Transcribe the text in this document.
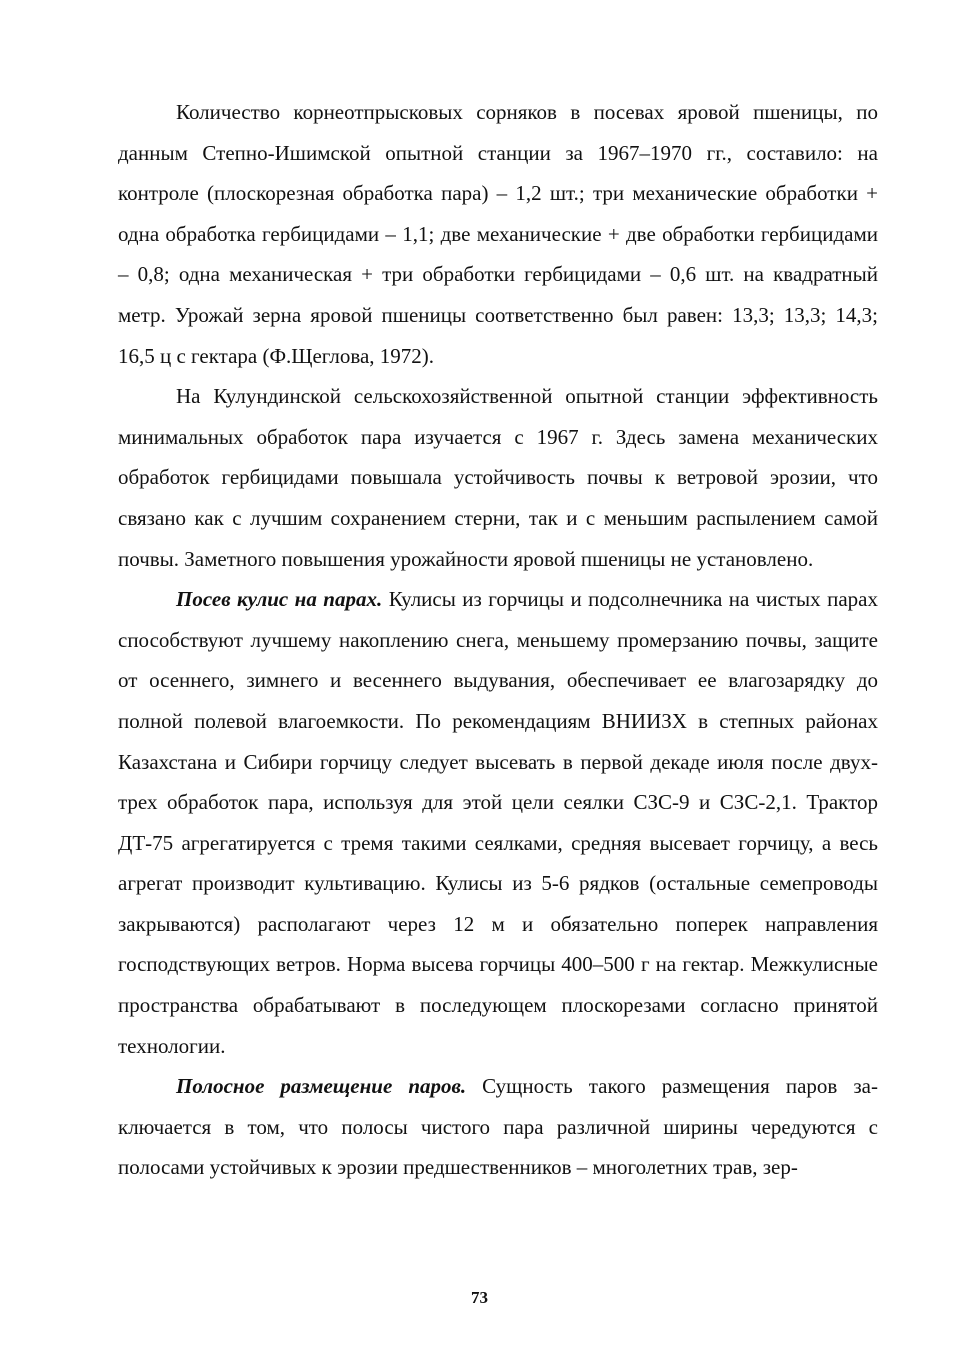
Количество корнеотпрысковых сорняков в посевах яровой пшеницы, по данным Степно-Ишимской опытной станции за 1967–1970 гг., составило: на контроле (плоскорезная обработка пара) – 1,2 шт.; три механические обработки + одна обработка гербицидами – 1,1; две механические + две обработки гербицидами – 0,8; одна механическая + три обработки гербицидами – 0,6 шт. на квадратный метр. Урожай зерна яровой пшеницы соответственно был равен: 13,3; 13,3; 14,3; 16,5 ц с гектара (Ф.Щеглова, 1972).

На Кулундинской сельскохозяйственной опытной станции эффективность минимальных обработок пара изучается с 1967 г. Здесь замена механических обработок гербицидами повышала устойчивость почвы к ветровой эрозии, что связано как с лучшим сохранением стерни, так и с меньшим распылением самой почвы. Заметного повышения урожайности яровой пшеницы не установлено.

Посев кулис на парах. Кулисы из горчицы и подсолнечника на чистых парах способствуют лучшему накоплению снега, меньшему промерзанию почвы, защите от осеннего, зимнего и весеннего выдувания, обеспечивает ее влагозарядку до полной полевой влагоемкости. По рекомендациям ВНИИЗХ в степных районах Казахстана и Сибири горчицу следует высевать в первой декаде июля после двух-трех обработок пара, используя для этой цели сеялки СЗС-9 и СЗС-2,1. Трактор ДТ-75 агрегатируется с тремя такими сеялками, средняя высевает горчицу, а весь агрегат производит культивацию. Кулисы из 5-6 рядков (остальные семепроводы закрываются) располагают через 12 м и обязательно поперек направления господствующих ветров. Норма высева горчицы 400–500 г на гектар. Межкулисные пространства обрабатывают в последующем плоскорезами согласно принятой технологии.

Полосное размещение паров. Сущность такого размещения паров заключается в том, что полосы чистого пара различной ширины чередуются с полосами устойчивых к эрозии предшественников – многолетних трав, зер-

73
